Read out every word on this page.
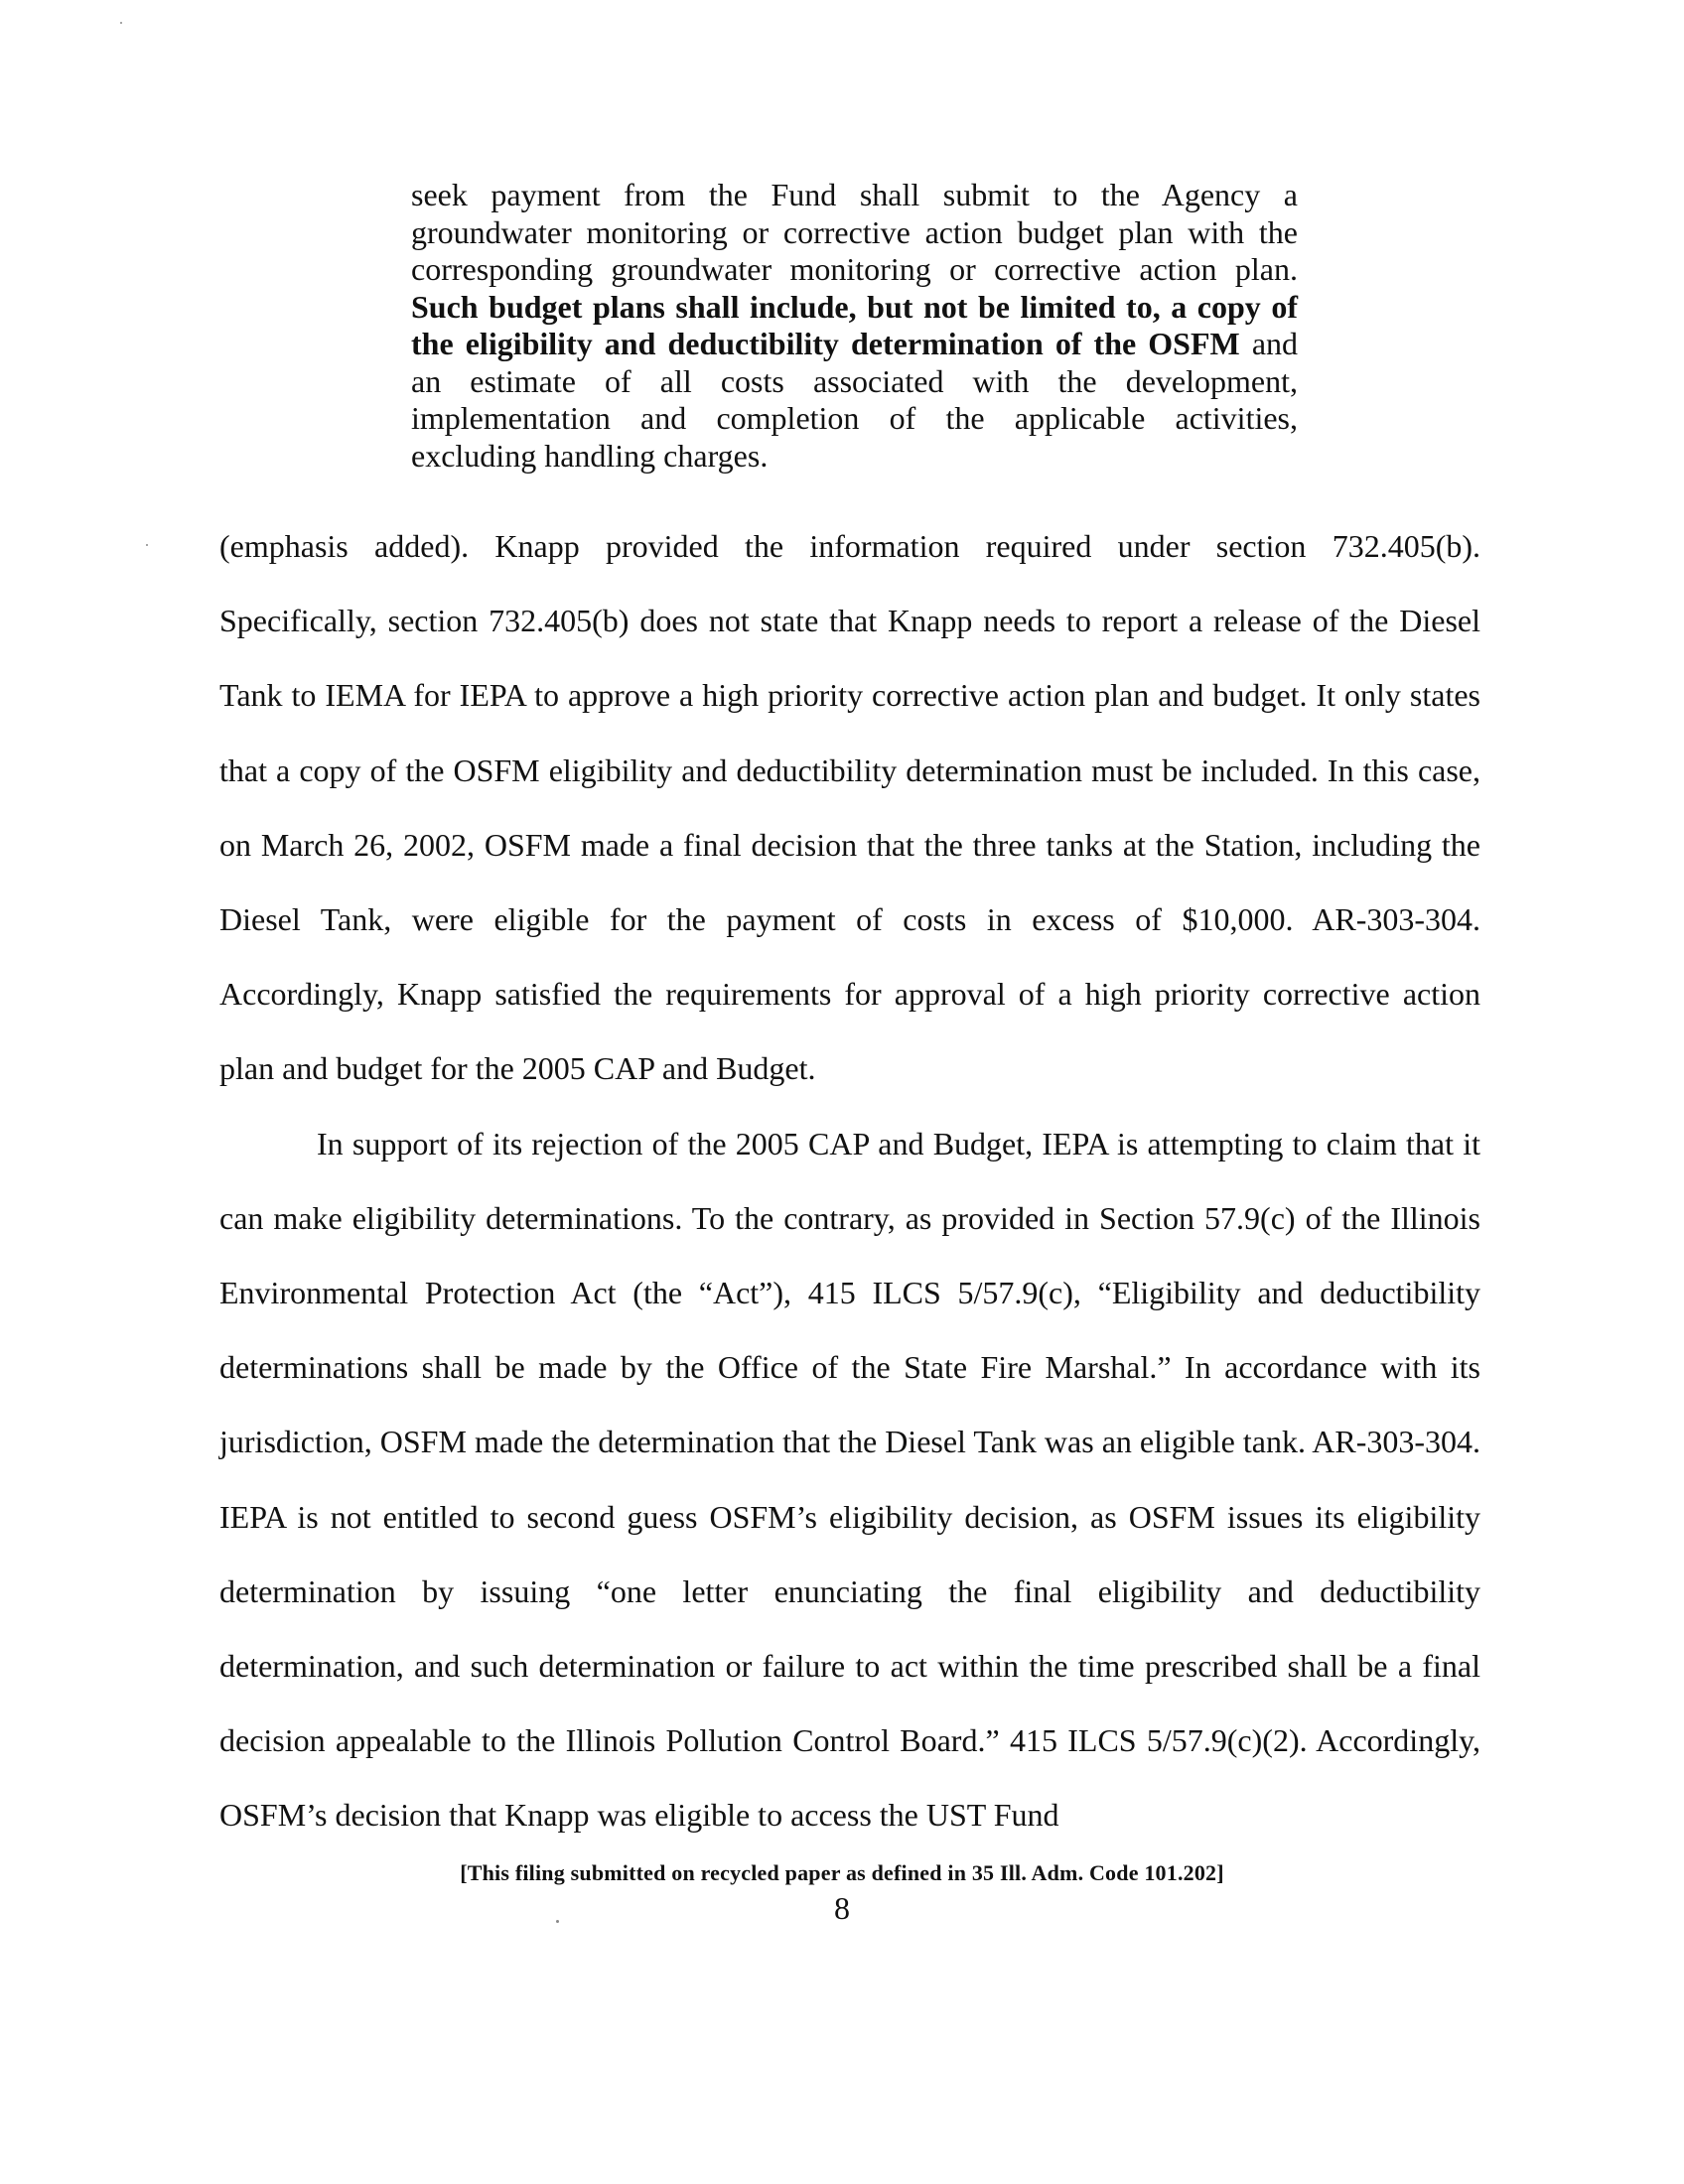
seek payment from the Fund shall submit to the Agency a groundwater monitoring or corrective action budget plan with the corresponding groundwater monitoring or corrective action plan. Such budget plans shall include, but not be limited to, a copy of the eligibility and deductibility determination of the OSFM and an estimate of all costs associated with the development, implementation and completion of the applicable activities, excluding handling charges.

(emphasis added). Knapp provided the information required under section 732.405(b). Specifically, section 732.405(b) does not state that Knapp needs to report a release of the Diesel Tank to IEMA for IEPA to approve a high priority corrective action plan and budget. It only states that a copy of the OSFM eligibility and deductibility determination must be included. In this case, on March 26, 2002, OSFM made a final decision that the three tanks at the Station, including the Diesel Tank, were eligible for the payment of costs in excess of $10,000. AR-303-304. Accordingly, Knapp satisfied the requirements for approval of a high priority corrective action plan and budget for the 2005 CAP and Budget.

In support of its rejection of the 2005 CAP and Budget, IEPA is attempting to claim that it can make eligibility determinations. To the contrary, as provided in Section 57.9(c) of the Illinois Environmental Protection Act (the “Act”), 415 ILCS 5/57.9(c), “Eligibility and deductibility determinations shall be made by the Office of the State Fire Marshal.” In accordance with its jurisdiction, OSFM made the determination that the Diesel Tank was an eligible tank. AR-303-304. IEPA is not entitled to second guess OSFM’s eligibility decision, as OSFM issues its eligibility determination by issuing “one letter enunciating the final eligibility and deductibility determination, and such determination or failure to act within the time prescribed shall be a final decision appealable to the Illinois Pollution Control Board.” 415 ILCS 5/57.9(c)(2). Accordingly, OSFM’s decision that Knapp was eligible to access the UST Fund

[This filing submitted on recycled paper as defined in 35 Ill. Adm. Code 101.202]
8
